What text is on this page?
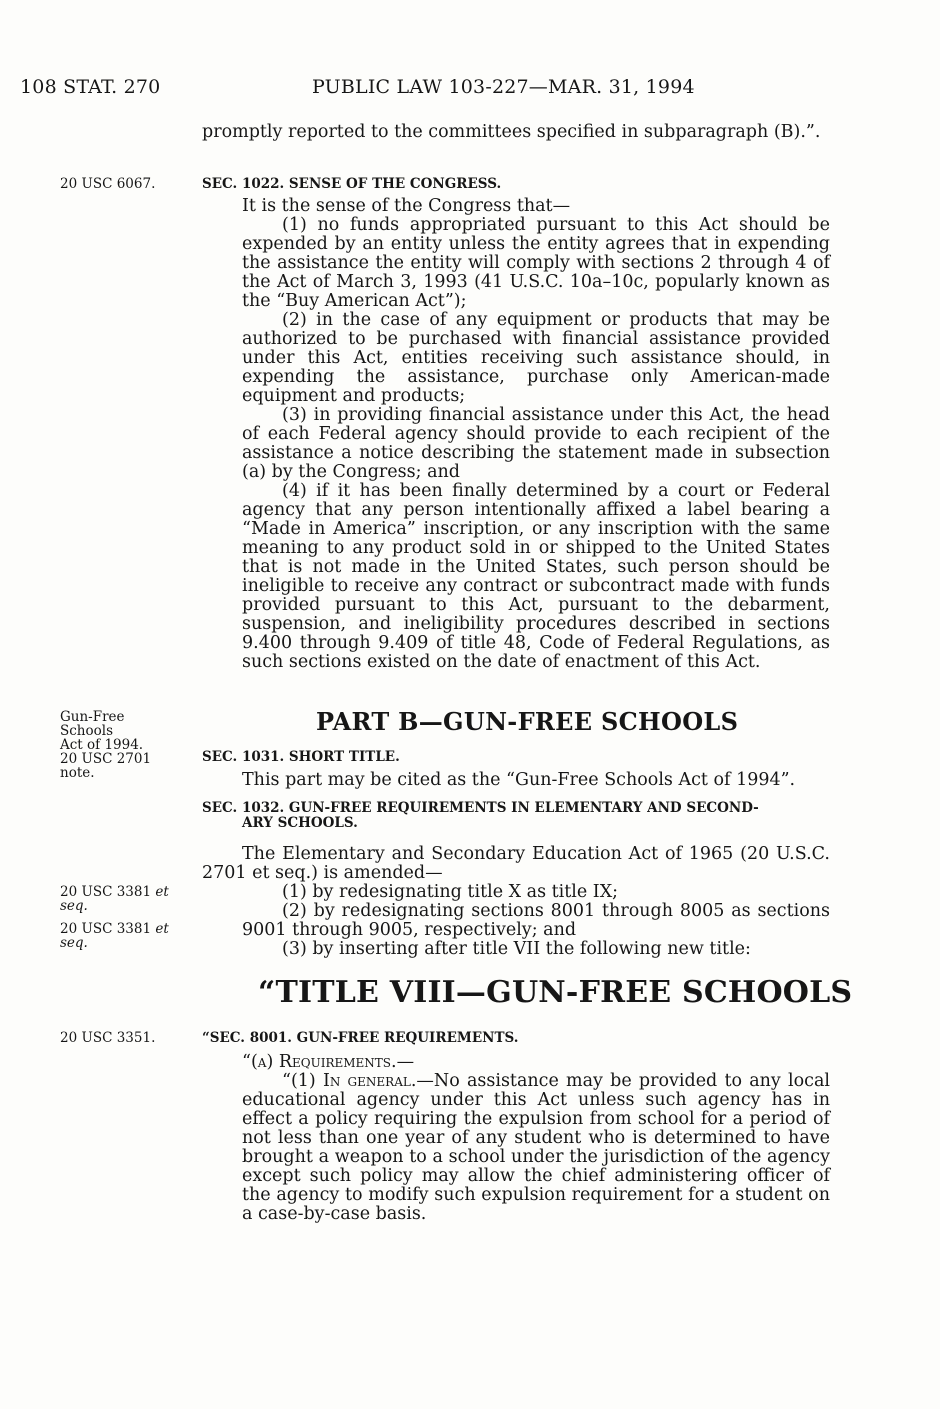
108 STAT. 270	PUBLIC LAW 103-227—MAR. 31, 1994

promptly reported to the committees specified in subparagraph (B).”.

20 USC 6067.	SEC. 1022. SENSE OF THE CONGRESS.

It is the sense of the Congress that—

(1) no funds appropriated pursuant to this Act should be expended by an entity unless the entity agrees that in expending the assistance the entity will comply with sections 2 through 4 of the Act of March 3, 1993 (41 U.S.C. 10a–10c, popularly known as the “Buy American Act”);

(2) in the case of any equipment or products that may be authorized to be purchased with financial assistance provided under this Act, entities receiving such assistance should, in expending the assistance, purchase only American-made equipment and products;

(3) in providing financial assistance under this Act, the head of each Federal agency should provide to each recipient of the assistance a notice describing the statement made in subsection (a) by the Congress; and

(4) if it has been finally determined by a court or Federal agency that any person intentionally affixed a label bearing a “Made in America” inscription, or any inscription with the same meaning to any product sold in or shipped to the United States that is not made in the United States, such person should be ineligible to receive any contract or subcontract made with funds provided pursuant to this Act, pursuant to the debarment, suspension, and ineligibility procedures described in sections 9.400 through 9.409 of title 48, Code of Federal Regulations, as such sections existed on the date of enactment of this Act.

Gun-Free
Schools
Act of 1994.
20 USC 2701
note.
PART B—GUN-FREE SCHOOLS
SEC. 1031. SHORT TITLE.

This part may be cited as the “Gun-Free Schools Act of 1994”.

SEC. 1032. GUN-FREE REQUIREMENTS IN ELEMENTARY AND SECOND-
ARY SCHOOLS.

The Elementary and Secondary Education Act of 1965 (20 U.S.C. 2701 et seq.) is amended—

(1) by redesignating title X as title IX;

(2) by redesignating sections 8001 through 8005 as sections 9001 through 9005, respectively; and

(3) by inserting after title VII the following new title:

20 USC 3381 et seq.
20 USC 3381 et seq.
“TITLE VIII—GUN-FREE SCHOOLS
20 USC 3351.	“SEC. 8001. GUN-FREE REQUIREMENTS.

“(a) Requirements.—

“(1) In general.—No assistance may be provided to any local educational agency under this Act unless such agency has in effect a policy requiring the expulsion from school for a period of not less than one year of any student who is determined to have brought a weapon to a school under the jurisdiction of the agency except such policy may allow the chief administering officer of the agency to modify such expulsion requirement for a student on a case-by-case basis.
